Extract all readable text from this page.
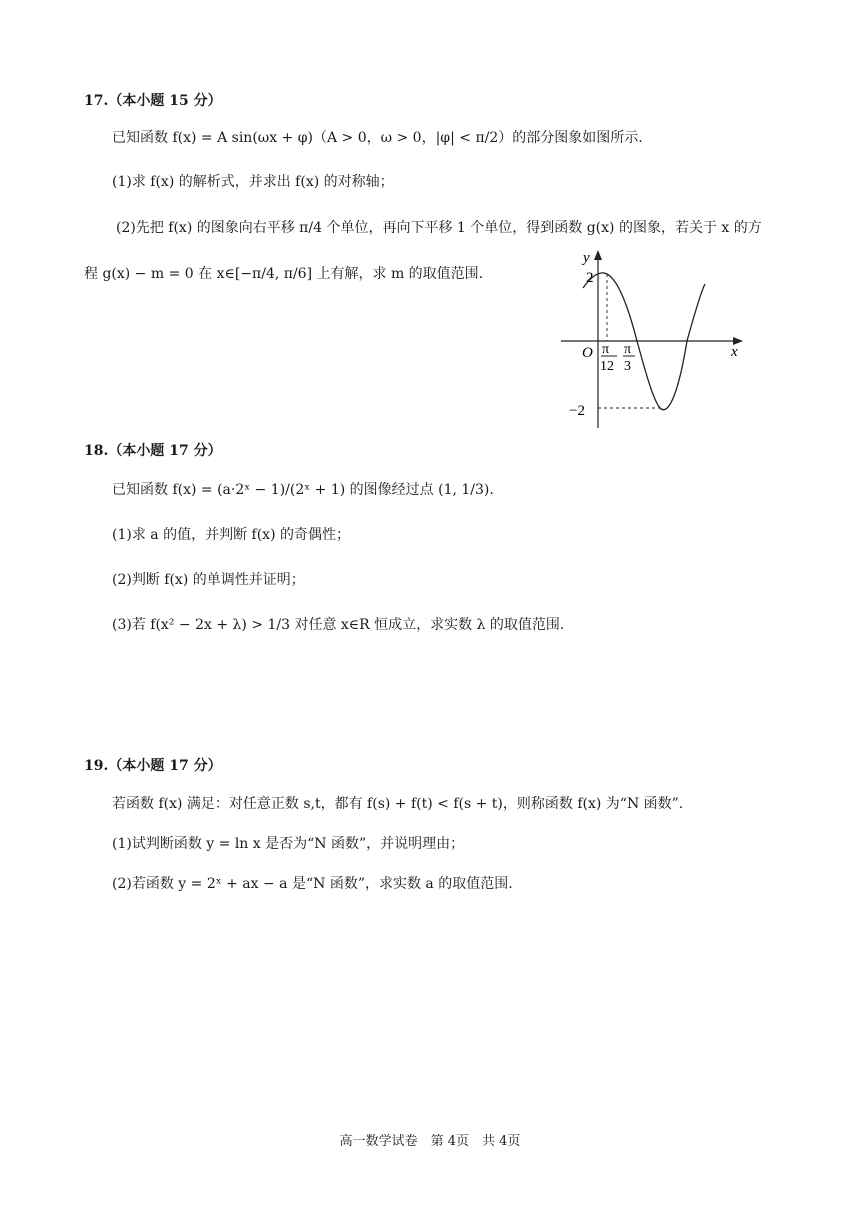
17.（本小题 15 分）
已知函数 f(x) = A sin(ωx + φ)（A > 0，ω > 0，|φ| < π/2）的部分图象如图所示.
(1)求 f(x) 的解析式，并求出 f(x) 的对称轴；
(2)先把 f(x) 的图象向右平移 π/4 个单位，再向下平移 1 个单位，得到函数 g(x) 的图象，若关于 x 的方
程 g(x) − m = 0 在 x∈[−π/4, π/6] 上有解，求 m 的取值范围.
x
y
O
2
−2
π
12
π
3
18.（本小题 17 分）
已知函数 f(x) = (a·2ˣ − 1)/(2ˣ + 1) 的图像经过点 (1, 1/3).
(1)求 a 的值，并判断 f(x) 的奇偶性；
(2)判断 f(x) 的单调性并证明；
(3)若 f(x² − 2x + λ) > 1/3 对任意 x∈R 恒成立，求实数 λ 的取值范围.
19.（本小题 17 分）
若函数 f(x) 满足：对任意正数 s,t，都有 f(s) + f(t) < f(s + t)，则称函数 f(x) 为“N 函数”.
(1)试判断函数 y = ln x 是否为“N 函数”，并说明理由；
(2)若函数 y = 2ˣ + ax − a 是“N 函数”，求实数 a 的取值范围.
高一数学试卷　第 4页　共 4页
